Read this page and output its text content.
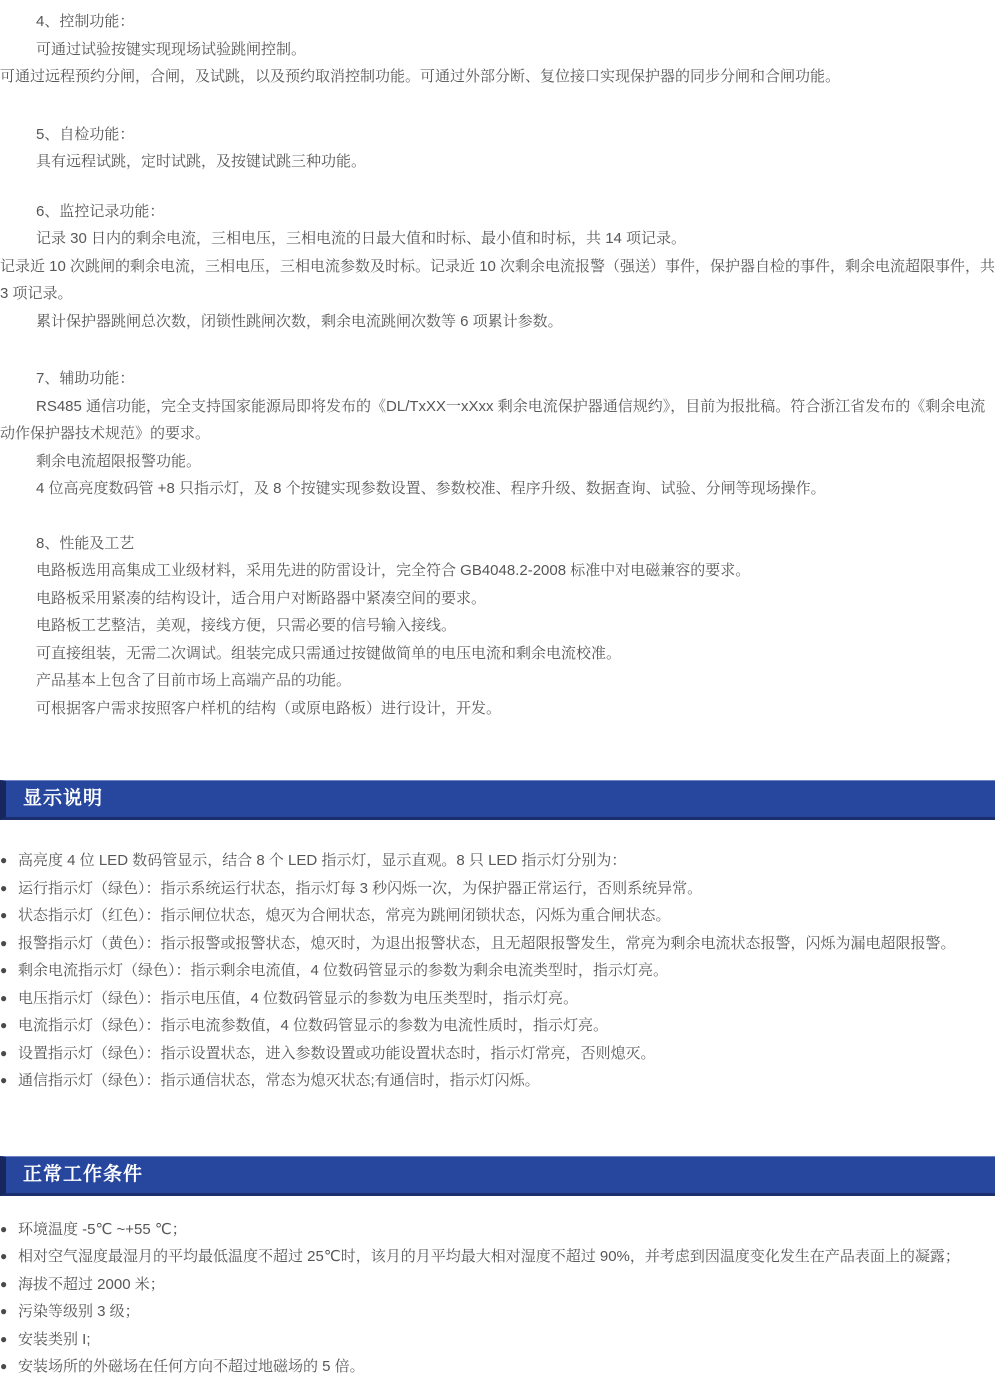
4、控制功能：

可通过试验按键实现现场试验跳闸控制。

可通过远程预约分闸，合闸，及试跳，以及预约取消控制功能。可通过外部分断、复位接口实现保护器的同步分闸和合闸功能。

5、自检功能：

具有远程试跳，定时试跳，及按键试跳三种功能。

6、监控记录功能：

记录 30 日内的剩余电流，三相电压，三相电流的日最大值和时标、最小值和时标，共 14 项记录。

记录近 10 次跳闸的剩余电流，三相电压，三相电流参数及时标。记录近 10 次剩余电流报警（强送）事件，保护器自检的事件，剩余电流超限事件，共 3 项记录。

累计保护器跳闸总次数，闭锁性跳闸次数，剩余电流跳闸次数等 6 项累计参数。

7、辅助功能：

RS485 通信功能，完全支持国家能源局即将发布的《DL/TxXX一xXxx 剩余电流保护器通信规约》，目前为报批稿。符合浙江省发布的《剩余电流动作保护器技术规范》的要求。

剩余电流超限报警功能。

4 位高亮度数码管 +8 只指示灯，及 8 个按键实现参数设置、参数校准、程序升级、数据查询、试验、分闸等现场操作。

8、性能及工艺

电路板选用高集成工业级材料，采用先进的防雷设计，完全符合 GB4048.2-2008 标准中对电磁兼容的要求。

电路板采用紧凑的结构设计，适合用户对断路器中紧凑空间的要求。

电路板工艺整洁，美观，接线方便，只需必要的信号输入接线。

可直接组装，无需二次调试。组装完成只需通过按键做简单的电压电流和剩余电流校准。

产品基本上包含了目前市场上高端产品的功能。

可根据客户需求按照客户样机的结构（或原电路板）进行设计，开发。

显示说明
● 高亮度 4 位 LED 数码管显示，结合 8 个 LED 指示灯，显示直观。8 只 LED 指示灯分别为：
● 运行指示灯（绿色）：指示系统运行状态，指示灯每 3 秒闪烁一次，为保护器正常运行，否则系统异常。
● 状态指示灯（红色）：指示闸位状态，熄灭为合闸状态，常亮为跳闸闭锁状态，闪烁为重合闸状态。
● 报警指示灯（黄色）：指示报警或报警状态，熄灭时，为退出报警状态，且无超限报警发生，常亮为剩余电流状态报警，闪烁为漏电超限报警。
● 剩余电流指示灯（绿色）：指示剩余电流值，4 位数码管显示的参数为剩余电流类型时，指示灯亮。
● 电压指示灯（绿色）：指示电压值，4 位数码管显示的参数为电压类型时，指示灯亮。
● 电流指示灯（绿色）：指示电流参数值，4 位数码管显示的参数为电流性质时，指示灯亮。
● 设置指示灯（绿色）：指示设置状态，进入参数设置或功能设置状态时，指示灯常亮，否则熄灭。
● 通信指示灯（绿色）：指示通信状态，常态为熄灭状态;有通信时，指示灯闪烁。
正常工作条件
● 环境温度 -5℃ ~+55 ℃；
● 相对空气湿度最湿月的平均最低温度不超过 25℃时，该月的月平均最大相对湿度不超过 90%，并考虑到因温度变化发生在产品表面上的凝露；
● 海拔不超过 2000 米；
● 污染等级别 3 级；
● 安装类别 I;
● 安装场所的外磁场在任何方向不超过地磁场的 5 倍。
